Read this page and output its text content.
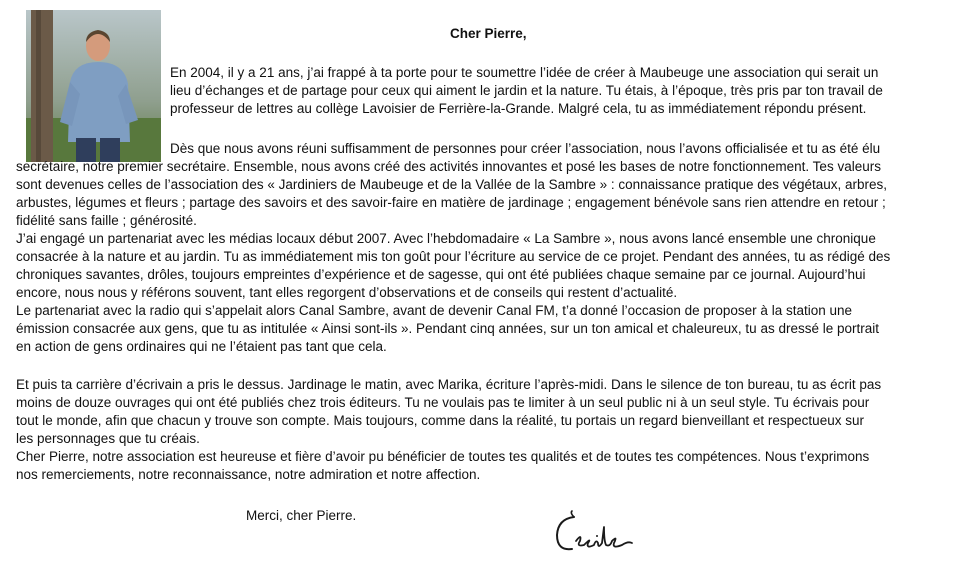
Cher Pierre,
En 2004, il y a 21 ans, j’ai frappé à ta porte pour te soumettre l’idée de créer à Maubeuge une association qui serait un
lieu d’échanges et de partage pour ceux qui aiment le jardin et la nature. Tu étais, à l’époque, très pris par ton travail de
professeur de lettres au collège Lavoisier de Ferrière-la-Grande. Malgré cela, tu as immédiatement répondu présent.
Dès que nous avons réuni suffisamment de personnes pour créer l’association, nous l’avons officialisée et tu as été élu
secrétaire, notre premier secrétaire. Ensemble, nous avons créé des activités innovantes et posé les bases de notre fonctionnement. Tes valeurs
sont devenues celles de l’association des « Jardiniers de Maubeuge et de la Vallée de la Sambre » : connaissance pratique des végétaux, arbres,
arbustes, légumes et fleurs ; partage des savoirs et des savoir-faire en matière de jardinage ; engagement bénévole sans rien attendre en retour ;
fidélité sans faille ; générosité.
J’ai engagé un partenariat avec les médias locaux début 2007. Avec l’hebdomadaire « La Sambre », nous avons lancé ensemble une chronique
consacrée à la nature et au jardin. Tu as immédiatement mis ton goût pour l’écriture au service de ce projet. Pendant des années, tu as rédigé des
chroniques savantes, drôles, toujours empreintes d’expérience et de sagesse, qui ont été publiées chaque semaine par ce journal. Aujourd’hui
encore, nous nous y référons souvent, tant elles regorgent d’observations et de conseils qui restent d’actualité.
Le partenariat avec la radio qui s’appelait alors Canal Sambre, avant de devenir Canal FM, t’a donné l’occasion de proposer à la station une
émission consacrée aux gens, que tu as intitulée « Ainsi sont-ils ». Pendant cinq années, sur un ton amical et chaleureux, tu as dressé le portrait
en action de gens ordinaires qui ne l’étaient pas tant que cela.
Et puis ta carrière d’écrivain a pris le dessus. Jardinage le matin, avec Marika, écriture l’après-midi. Dans le silence de ton bureau, tu as écrit pas
moins de douze ouvrages qui ont été publiés chez trois éditeurs. Tu ne voulais pas te limiter à un seul public ni à un seul style. Tu écrivais pour
tout le monde, afin que chacun y trouve son compte. Mais toujours, comme dans la réalité, tu portais un regard bienveillant et respectueux sur
les personnages que tu créais.
Cher Pierre, notre association est heureuse et fière d’avoir pu bénéficier de toutes tes qualités et de toutes tes compétences. Nous t’exprimons
nos remerciements, notre reconnaissance, notre admiration et notre affection.
Merci, cher Pierre.
